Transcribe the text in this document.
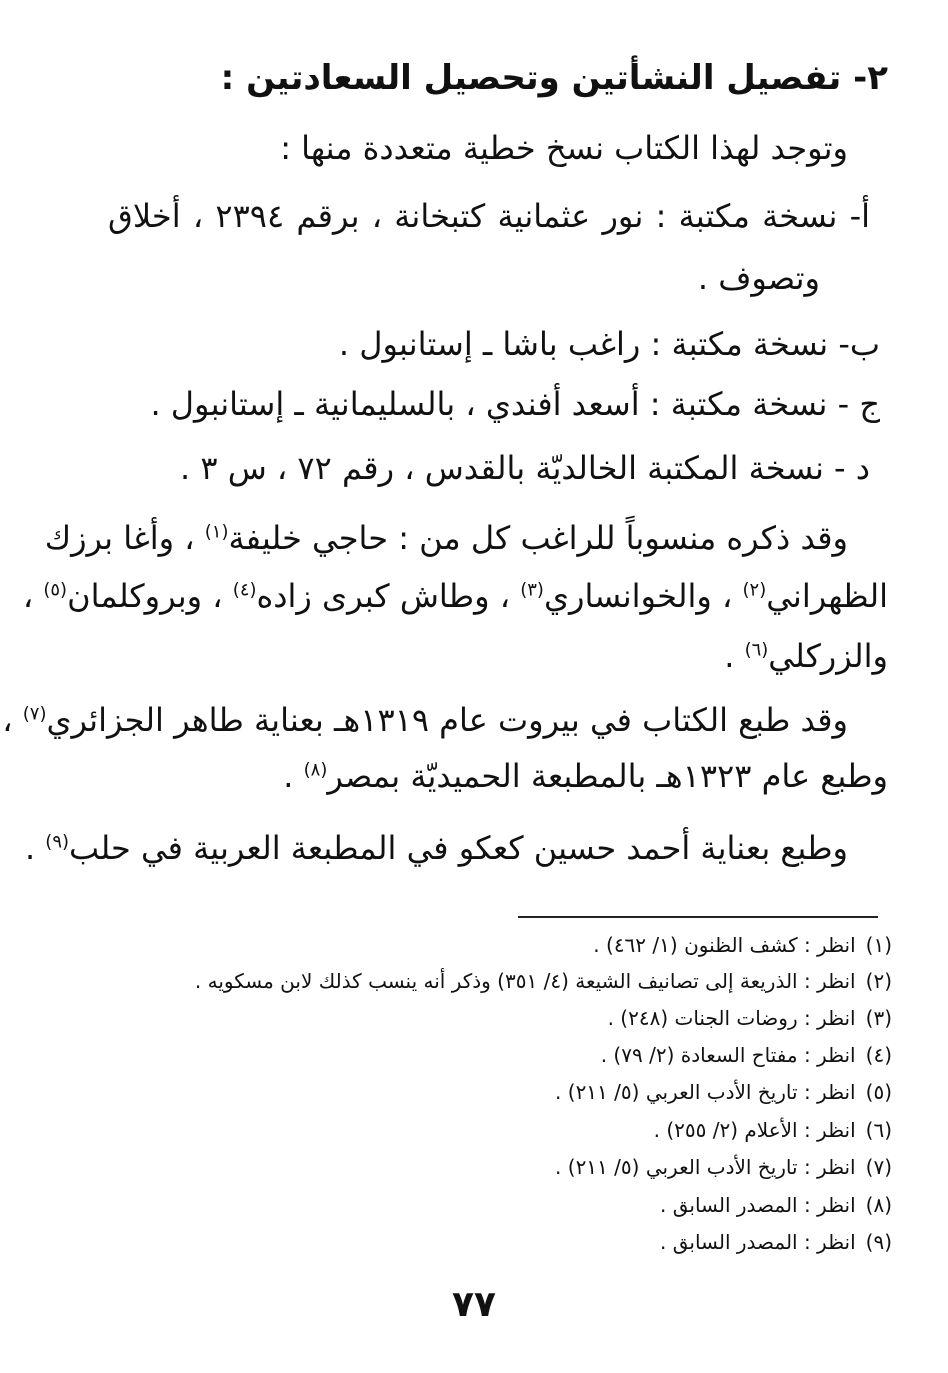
٢- تفصيل النشأتين وتحصيل السعادتين :
وتوجد لهذا الكتاب نسخ خطية متعددة منها :
أ- نسخة مكتبة : نور عثمانية كتبخانة ، برقم ٢٣٩٤ ، أخلاق
وتصوف .
ب- نسخة مكتبة : راغب باشا ـ إستانبول .
ج - نسخة مكتبة : أسعد أفندي ، بالسليمانية ـ إستانبول .
د - نسخة المكتبة الخالديّة بالقدس ، رقم ٧٢ ، س ٣ .
وقد ذكره منسوباً للراغب كل من : حاجي خليفة$^{(١)}$ ، وأغا برزك
الظهراني$^{(٢)}$ ، والخوانساري$^{(٣)}$ ، وطاش كبرى زاده$^{(٤)}$ ، وبروكلمان$^{(٥)}$ ،
والزركلي$^{(٦)}$ .
وقد طبع الكتاب في بيروت عام ١٣١٩هـ بعناية طاهر الجزائري$^{(٧)}$ ،
وطبع عام ١٣٢٣هـ بالمطبعة الحميديّة بمصر$^{(٨)}$ .
وطبع بعناية أحمد حسين كعكو في المطبعة العربية في حلب$^{(٩)}$ .
(١)انظر : كشف الظنون (١/ ٤٦٢) .
(٢)انظر : الذريعة إلى تصانيف الشيعة (٤/ ٣٥١) وذكر أنه ينسب كذلك لابن مسكويه .
(٣)انظر : روضات الجنات (٢٤٨) .
(٤)انظر : مفتاح السعادة (٢/ ٧٩) .
(٥)انظر : تاريخ الأدب العربي (٥/ ٢١١) .
(٦)انظر : الأعلام (٢/ ٢٥٥) .
(٧)انظر : تاريخ الأدب العربي (٥/ ٢١١) .
(٨)انظر : المصدر السابق .
(٩)انظر : المصدر السابق .
٧٧
